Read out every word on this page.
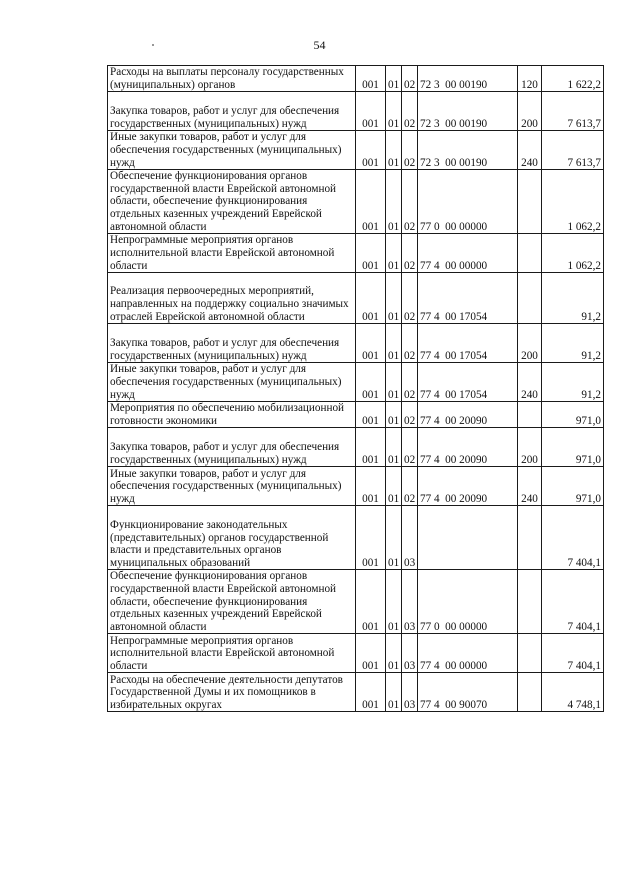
54
Расходы на выплаты персоналу государственных (муниципальных) органов	001	01	02	72 3  00 00190	120	1 622,2
Закупка товаров, работ и услуг для обеспечения государственных (муниципальных) нужд	001	01	02	72 3  00 00190	200	7 613,7
Иные закупки товаров, работ и услуг для обеспечения государственных (муниципальных) нужд	001	01	02	72 3  00 00190	240	7 613,7
Обеспечение функционирования органов государственной власти Еврейской автономной области, обеспечение функционирования отдельных казенных учреждений Еврейской автономной области	001	01	02	77 0  00 00000		1 062,2
Непрограммные мероприятия органов исполнительной власти Еврейской автономной области	001	01	02	77 4  00 00000		1 062,2
Реализация первоочередных мероприятий, направленных на поддержку социально значимых отраслей Еврейской автономной области	001	01	02	77 4  00 17054		91,2
Закупка товаров, работ и услуг для обеспечения государственных (муниципальных) нужд	001	01	02	77 4  00 17054	200	91,2
Иные закупки товаров, работ и услуг для обеспечения государственных (муниципальных) нужд	001	01	02	77 4  00 17054	240	91,2
Мероприятия по обеспечению мобилизационной готовности экономики	001	01	02	77 4  00 20090		971,0
Закупка товаров, работ и услуг для обеспечения государственных (муниципальных) нужд	001	01	02	77 4  00 20090	200	971,0
Иные закупки товаров, работ и услуг для обеспечения государственных (муниципальных) нужд	001	01	02	77 4  00 20090	240	971,0
Функционирование законодательных (представительных) органов государственной власти и представительных органов муниципальных образований	001	01	03			7 404,1
Обеспечение функционирования органов государственной власти Еврейской автономной области, обеспечение функционирования отдельных казенных учреждений Еврейской автономной области	001	01	03	77 0  00 00000		7 404,1
Непрограммные мероприятия органов исполнительной власти Еврейской автономной области	001	01	03	77 4  00 00000		7 404,1
Расходы на обеспечение деятельности депутатов Государственной Думы и их помощников в избирательных округах	001	01	03	77 4  00 90070		4 748,1
